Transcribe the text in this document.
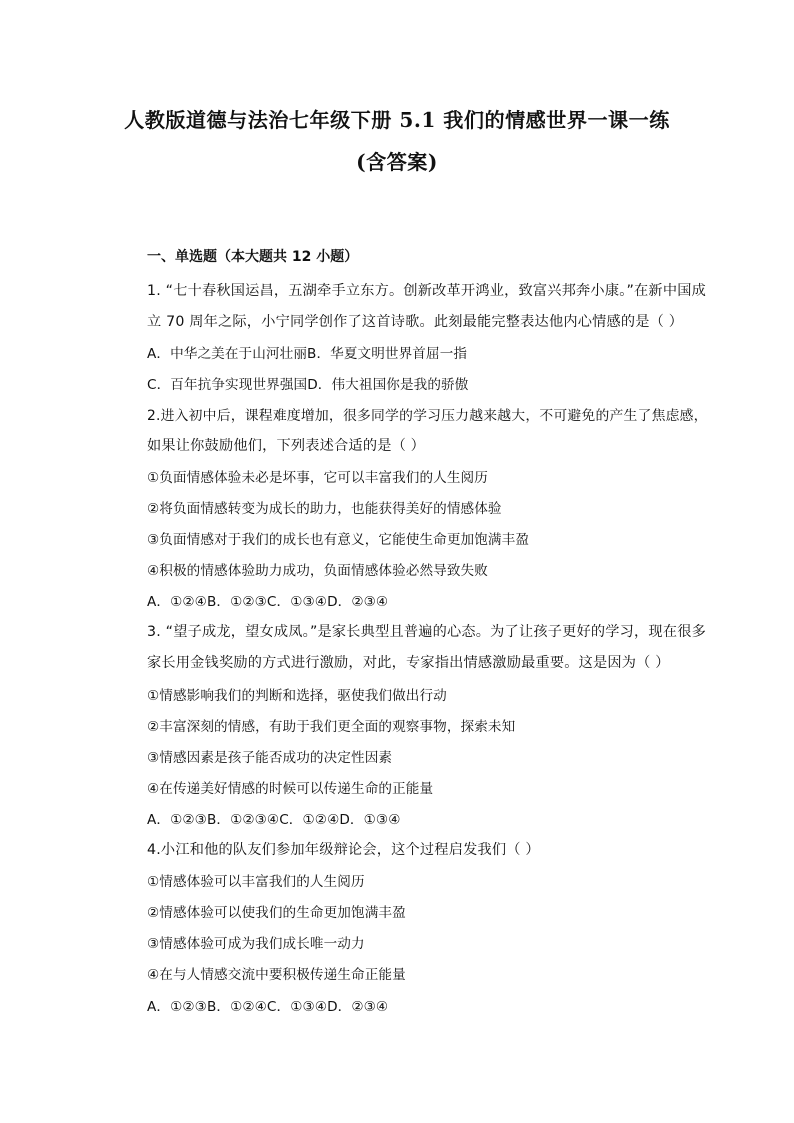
人教版道德与法治七年级下册 5.1 我们的情感世界一课一练
(含答案)
一、单选题（本大题共 12 小题）
1. “七十春秋国运昌，五湖牵手立东方。创新改革开鸿业，致富兴邦奔小康。”在新中国成
立 70 周年之际，小宁同学创作了这首诗歌。此刻最能完整表达他内心情感的是（ ）
A．中华之美在于山河壮丽B．华夏文明世界首屈一指
C．百年抗争实现世界强国D．伟大祖国你是我的骄傲
2.进入初中后，课程难度增加，很多同学的学习压力越来越大，不可避免的产生了焦虑感，
如果让你鼓励他们，下列表述合适的是（ ）
①负面情感体验未必是坏事，它可以丰富我们的人生阅历
②将负面情感转变为成长的助力，也能获得美好的情感体验
③负面情感对于我们的成长也有意义，它能使生命更加饱满丰盈
④积极的情感体验助力成功，负面情感体验必然导致失败
A．①②④B．①②③C．①③④D．②③④
3. “望子成龙，望女成凤。”是家长典型且普遍的心态。为了让孩子更好的学习，现在很多
家长用金钱奖励的方式进行激励，对此，专家指出情感激励最重要。这是因为（ ）
①情感影响我们的判断和选择，驱使我们做出行动
②丰富深刻的情感，有助于我们更全面的观察事物，探索未知
③情感因素是孩子能否成功的决定性因素
④在传递美好情感的时候可以传递生命的正能量
A．①②③B．①②③④C．①②④D．①③④
4.小江和他的队友们参加年级辩论会，这个过程启发我们（ ）
①情感体验可以丰富我们的人生阅历
②情感体验可以使我们的生命更加饱满丰盈
③情感体验可成为我们成长唯一动力
④在与人情感交流中要积极传递生命正能量
A．①②③B．①②④C．①③④D．②③④
